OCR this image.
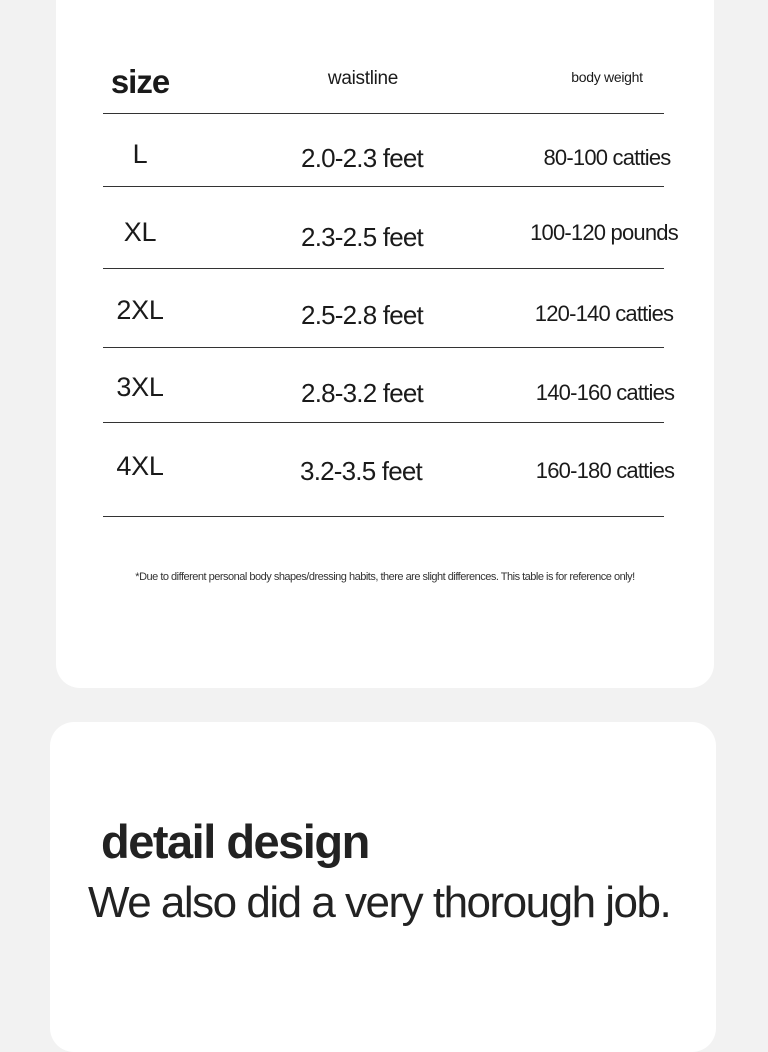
size	waistline	body weight
L	2.0-2.3 feet	80-100 catties
XL	2.3-2.5 feet	100-120 pounds
2XL	2.5-2.8 feet	120-140 catties
3XL	2.8-3.2 feet	140-160 catties
4XL	3.2-3.5 feet	160-180 catties
*Due to different personal body shapes/dressing habits, there are slight differences. This table is for reference only!
detail design
We also did a very thorough job.
